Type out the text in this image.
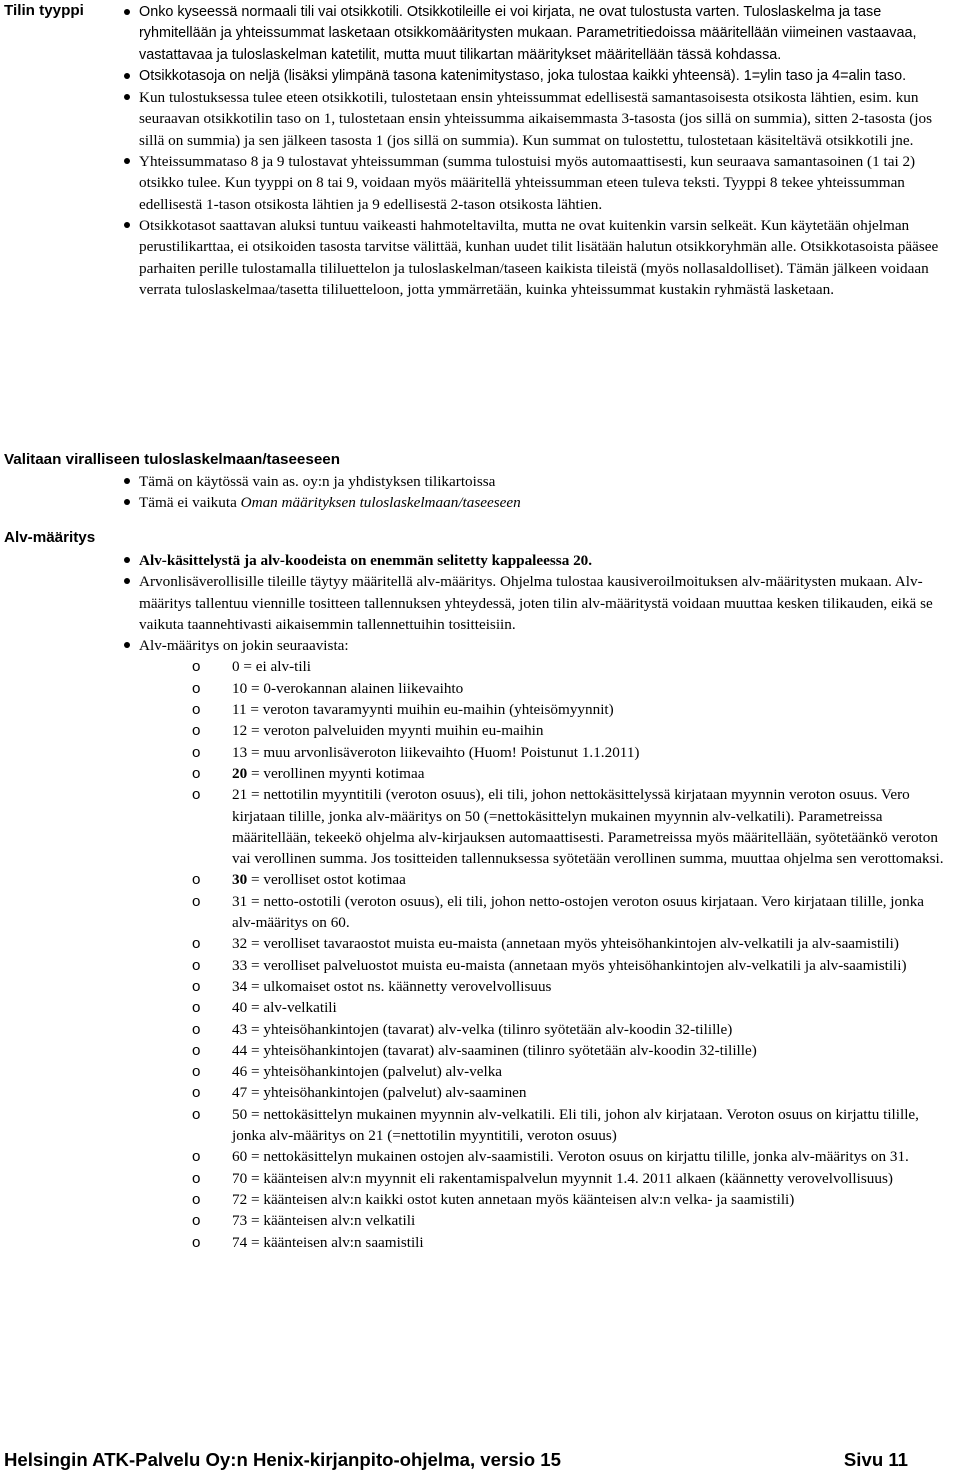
Tilin tyyppi	Onko kyseessä normaali tili vai otsikkotili. Otsikkotileille ei voi kirjata, ne ovat tulostusta varten. Tuloslaskelma ja tase ryhmitellään ja yhteissummat lasketaan otsikkomääritysten mukaan. Parametritiedoissa määritellään viimeinen vastaavaa, vastattavaa ja tuloslaskelman katetilit, mutta muut tilikartan määritykset määritellään tässä kohdassa.
Otsikkotasoja on neljä (lisäksi ylimpänä tasona katenimitystaso, joka tulostaa kaikki yhteensä). 1=ylin taso ja 4=alin taso.
Kun tulostuksessa tulee eteen otsikkotili, tulostetaan ensin yhteissummat edellisestä samantasoisesta otsikosta lähtien, esim. kun seuraavan otsikkotilin taso on 1, tulostetaan ensin yhteissumma aikaisemmasta 3-tasosta (jos sillä on summia), sitten 2-tasosta (jos sillä on summia) ja sen jälkeen tasosta 1 (jos sillä on summia). Kun summat on tulostettu, tulostetaan käsiteltävä otsikkotili jne.
Yhteissummataso 8 ja 9 tulostavat yhteissumman (summa tulostuisi myös automaattisesti, kun seuraava samantasoinen (1 tai 2) otsikko tulee. Kun tyyppi on 8 tai 9, voidaan myös määritellä yhteissumman eteen tuleva teksti. Tyyppi 8 tekee yhteissumman edellisestä 1-tason otsikosta lähtien ja 9 edellisestä 2-tason otsikosta lähtien.
Otsikkotasot saattavan aluksi tuntuu vaikeasti hahmoteltavilta, mutta ne ovat kuitenkin varsin selkeät. Kun käytetään ohjelman perustilikarttaa, ei otsikoiden tasosta tarvitse välittää, kunhan uudet tilit lisätään halutun otsikkoryhmän alle. Otsikkotasoista pääsee parhaiten perille tulostamalla tililuettelon ja tuloslaskelman/taseen kaikista tileistä (myös nollasaldolliset). Tämän jälkeen voidaan verrata tuloslaskelmaa/tasetta tililuetteloon, jotta ymmärretään, kuinka yhteissummat kustakin ryhmästä lasketaan.
Valitaan viralliseen tuloslaskelmaan/taseeseen
Tämä on käytössä vain as. oy:n ja yhdistyksen tilikartoissa
Tämä ei vaikuta Oman määrityksen tuloslaskelmaan/taseeseen
Alv-määritys
Alv-käsittelystä ja alv-koodeista on enemmän selitetty kappaleessa 20.
Arvonlisäverollisille tileille täytyy määritellä alv-määritys. Ohjelma tulostaa kausiveroilmoituksen alv-määritysten mukaan. Alv-määritys tallentuu viennille tositteen tallennuksen yhteydessä, joten tilin alv-määritystä voidaan muuttaa kesken tilikauden, eikä se vaikuta taannehtivasti aikaisemmin tallennettuihin tositteisiin.
Alv-määritys on jokin seuraavista:
o 0 = ei alv-tili
o 10 = 0-verokannan alainen liikevaihto
o 11 = veroton tavaramyynti muihin eu-maihin (yhteisömyynnit)
o 12 = veroton palveluiden myynti muihin eu-maihin
o 13 = muu arvonlisäveroton liikevaihto (Huom! Poistunut 1.1.2011)
o 20 = verollinen myynti kotimaa
o 21 = nettotilin myyntitili (veroton osuus), eli tili, johon nettokäsittelyssä kirjataan myynnin veroton osuus. Vero kirjataan tilille, jonka alv-määritys on 50 (=nettokäsittelyn mukainen myynnin alv-velkatili). Parametreissa määritellään, tekeekö ohjelma alv-kirjauksen automaattisesti. Parametreissa myös määritellään, syötetäänkö veroton vai verollinen summa. Jos tositteiden tallennuksessa syötetään verollinen summa, muuttaa ohjelma sen verottomaksi.
o 30 = verolliset ostot kotimaa
o 31 = netto-ostotili (veroton osuus), eli tili, johon netto-ostojen veroton osuus kirjataan. Vero kirjataan tilille, jonka alv-määritys on 60.
o 32 = verolliset tavaraostot muista eu-maista (annetaan myös yhteisöhankintojen alv-velkatili ja alv-saamistili)
o 33 = verolliset palveluostot muista eu-maista (annetaan myös yhteisöhankintojen alv-velkatili ja alv-saamistili)
o 34 = ulkomaiset ostot ns. käännetty verovelvollisuus
o 40 = alv-velkatili
o 43 = yhteisöhankintojen (tavarat) alv-velka (tilinro syötetään alv-koodin 32-tilille)
o 44 = yhteisöhankintojen (tavarat) alv-saaminen (tilinro syötetään alv-koodin 32-tilille)
o 46 = yhteisöhankintojen (palvelut) alv-velka
o 47 = yhteisöhankintojen (palvelut) alv-saaminen
o 50 = nettokäsittelyn mukainen myynnin alv-velkatili. Eli tili, johon alv kirjataan. Veroton osuus on kirjattu tilille, jonka alv-määritys on 21 (=nettotilin myyntitili, veroton osuus)
o 60 = nettokäsittelyn mukainen ostojen alv-saamistili. Veroton osuus on kirjattu tilille, jonka alv-määritys on 31.
o 70 = käänteisen alv:n myynnit eli rakentamispalvelun myynnit 1.4. 2011 alkaen (käännetty verovelvollisuus)
o 72 = käänteisen alv:n kaikki ostot kuten annetaan myös käänteisen alv:n velka- ja saamistili)
o 73 = käänteisen alv:n velkatili
o 74 = käänteisen alv:n saamistili
Helsingin ATK-Palvelu Oy:n Henix-kirjanpito-ohjelma, versio 15	Sivu 11
